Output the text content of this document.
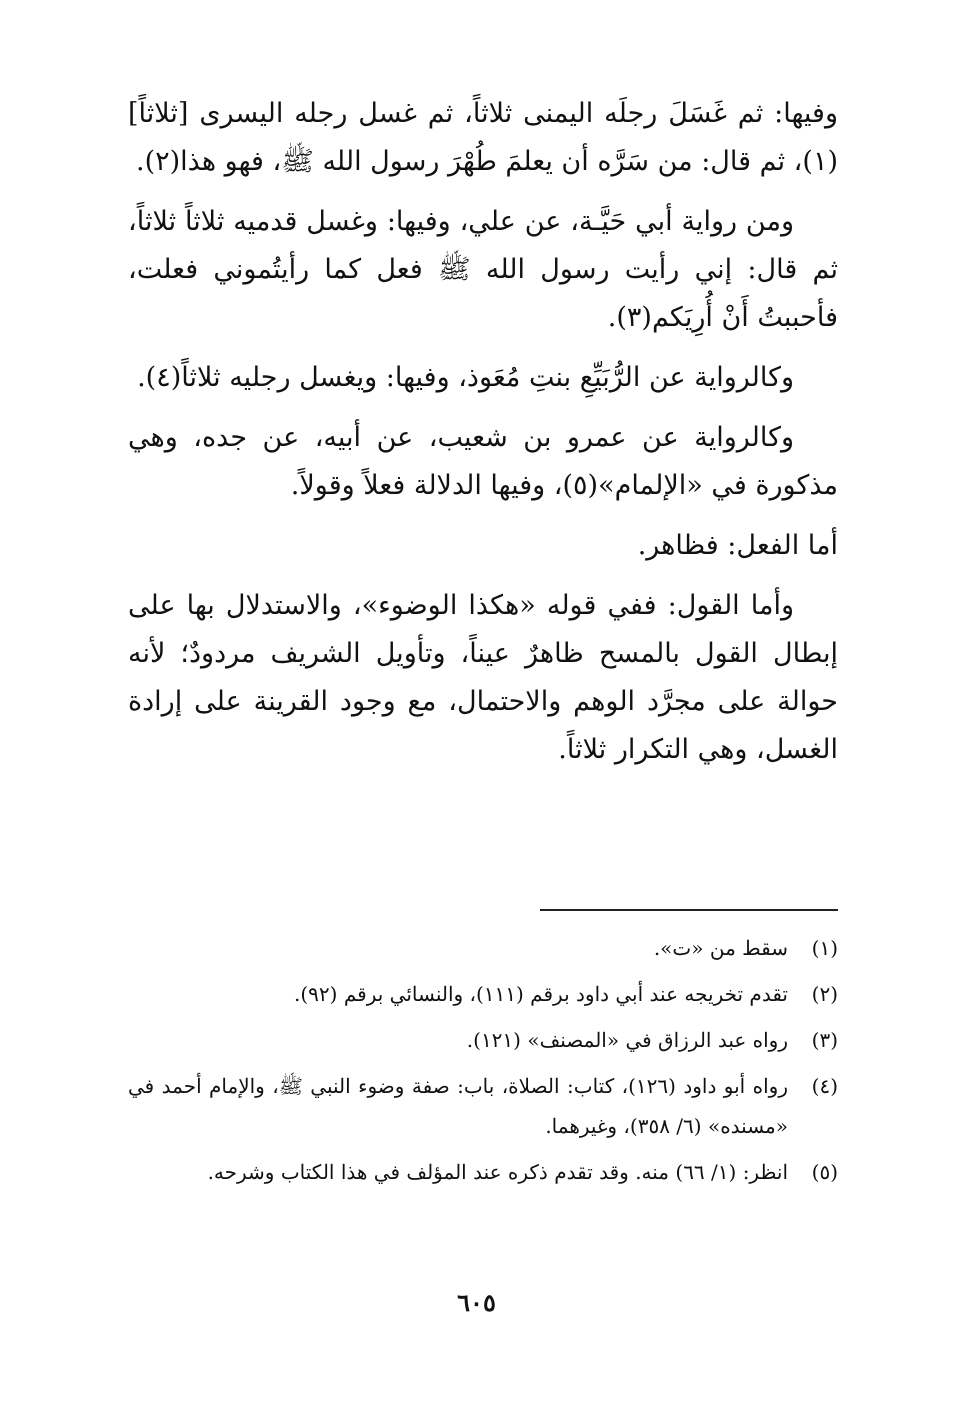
وفيها: ثم غَسَلَ رجلَه اليمنى ثلاثاً، ثم غسل رجله اليسرى [ثلاثاً](١)، ثم قال: من سَرَّه أن يعلمَ طُهْرَ رسول الله ﷺ، فهو هذا(٢).

ومن رواية أبي حَيَّـة، عن علي، وفيها: وغسل قدميه ثلاثاً ثلاثاً، ثم قال: إني رأيت رسول الله ﷺ فعل كما رأيتُموني فعلت، فأحببتُ أَنْ أُرِيَكم(٣).

وكالرواية عن الرُّبَيِّعِ بنتِ مُعَوذ، وفيها: ويغسل رجليه ثلاثاً(٤).

وكالرواية عن عمرو بن شعيب، عن أبيه، عن جده، وهي مذكورة في «الإلمام»(٥)، وفيها الدلالة فعلاً وقولاً.

أما الفعل: فظاهر.

وأما القول: ففي قوله «هكذا الوضوء»، والاستدلال بها على إبطال القول بالمسح ظاهرٌ عيناً، وتأويل الشريف مردودٌ؛ لأنه حوالة على مجرَّد الوهم والاحتمال، مع وجود القرينة على إرادة الغسل، وهي التكرار ثلاثاً.

(١)
سقط من «ت».
(٢)
تقدم تخريجه عند أبي داود برقم (١١١)، والنسائي برقم (٩٢).
(٣)
رواه عبد الرزاق في «المصنف» (١٢١).
(٤)
رواه أبو داود (١٢٦)، كتاب: الصلاة، باب: صفة وضوء النبي ﷺ، والإمام أحمد في «مسنده» (٦/ ٣٥٨)، وغيرهما.
(٥)
انظر: (١/ ٦٦) منه. وقد تقدم ذكره عند المؤلف في هذا الكتاب وشرحه.
٦٠٥
